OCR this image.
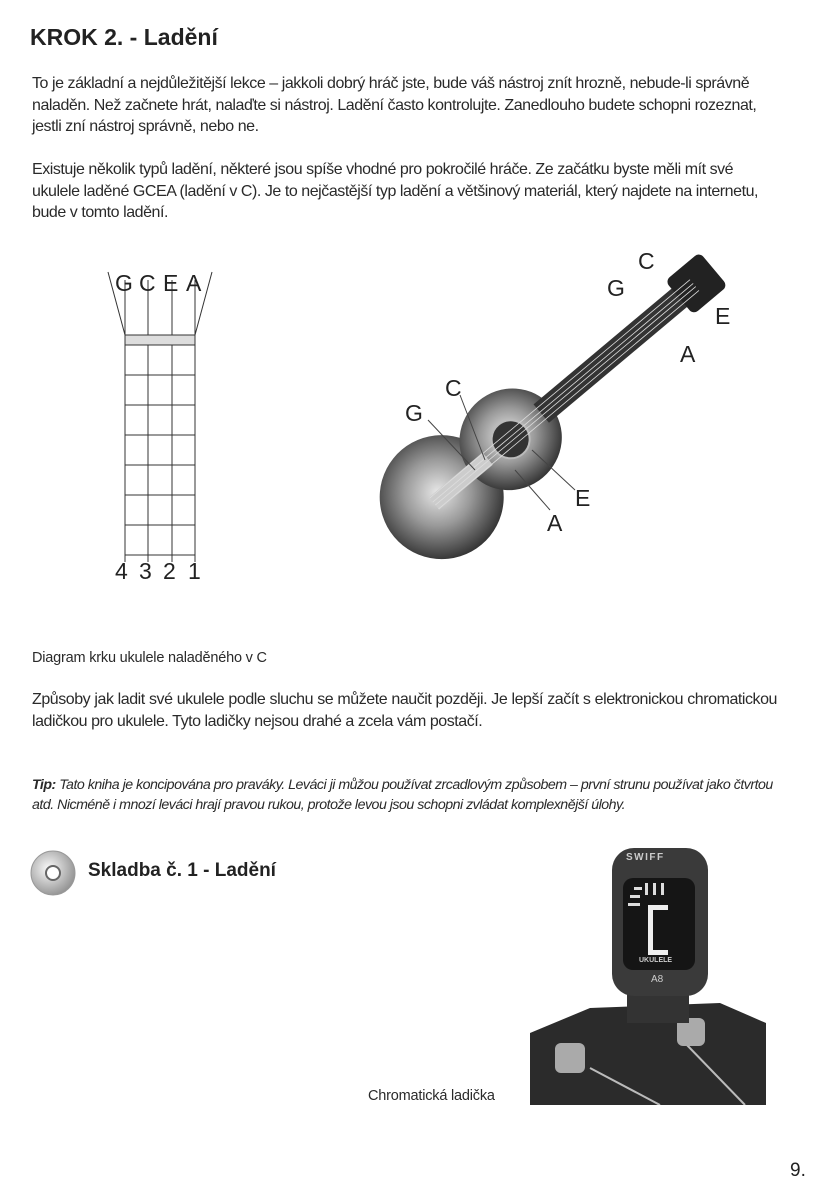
KROK 2. - Ladění

To je základní a nejdůležitější lekce – jakkoli dobrý hráč jste, bude váš nástroj znít hrozně, nebude-li správně naladěn. Než začnete hrát, nalaďte si nástroj. Ladění často kontrolujte. Zanedlouho budete schopni rozeznat, jestli zní nástroj správně, nebo ne.

Existuje několik typů ladění, některé jsou spíše vhodné pro pokročilé hráče. Ze začátku byste měli mít své ukulele laděné GCEA (ladění v C). Je to nejčastější typ ladění a většinový materiál, který najdete na internetu, bude v tomto ladění.

G C E A
4 3 2 1
C
G
E
A
C
G
E
A
Diagram krku ukulele naladěného v C

Způsoby jak ladit své ukulele podle sluchu se můžete naučit později. Je lepší začít s elektronickou chromatickou ladičkou pro ukulele. Tyto ladičky nejsou drahé a zcela vám postačí.

Tip: Tato kniha je koncipována pro praváky. Leváci ji můžou používat zrcadlovým způsobem – první strunu používat jako čtvrtou atd. Nicméně i mnozí leváci hrají pravou rukou, protože levou jsou schopni zvládat komplexnější úlohy.

Skladba č. 1 - Ladění
SWIFF
UKULELE
A8
Chromatická ladička
9.
